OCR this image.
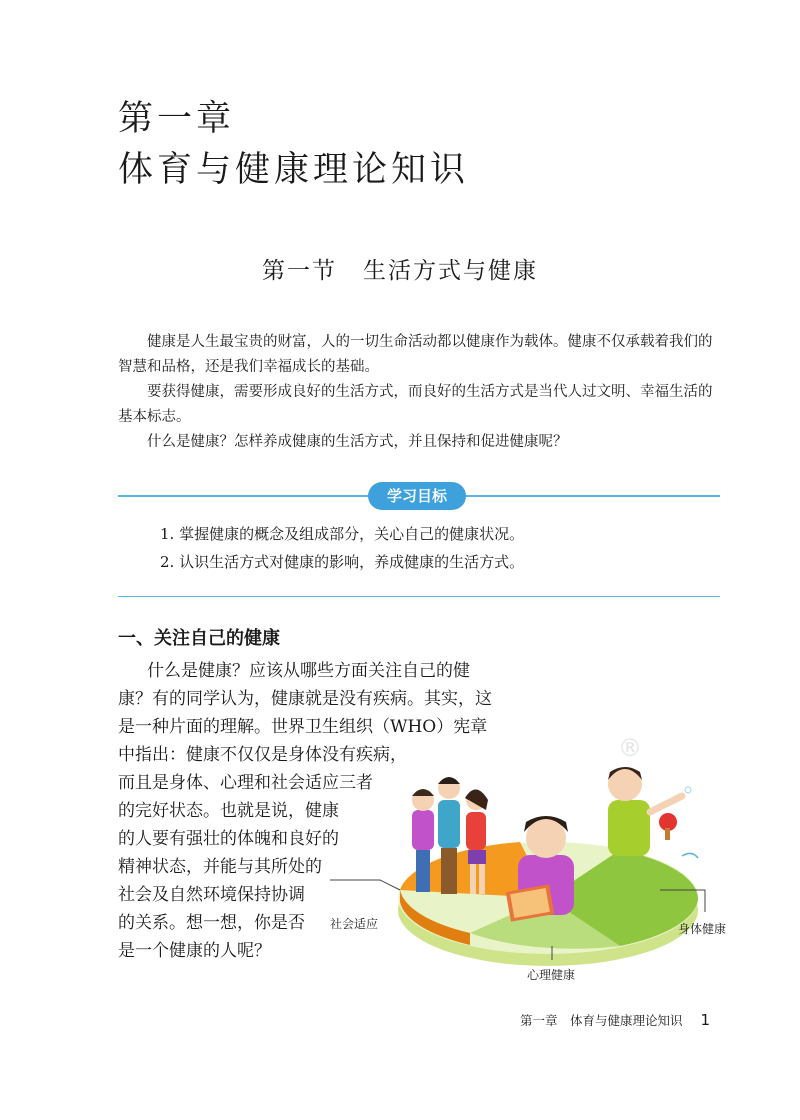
第一章
体育与健康理论知识
第一节 生活方式与健康

健康是人生最宝贵的财富，人的一切生命活动都以健康作为载体。健康不仅承载着我们的智慧和品格，还是我们幸福成长的基础。

要获得健康，需要形成良好的生活方式，而良好的生活方式是当代人过文明、幸福生活的基本标志。

什么是健康？怎样养成健康的生活方式，并且保持和促进健康呢？

学习目标
1. 掌握健康的概念及组成部分，关心自己的健康状况。
2. 认识生活方式对健康的影响，养成健康的生活方式。
一、关注自己的健康
什么是健康？应该从哪些方面关注自己的健
康？有的同学认为，健康就是没有疾病。其实，这
是一种片面的理解。世界卫生组织（WHO）宪章
中指出：健康不仅仅是身体没有疾病，
而且是身体、心理和社会适应三者
的完好状态。也就是说，健康
的人要有强壮的体魄和良好的
精神状态，并能与其所处的
社会及自然环境保持协调
的关系。想一想，你是否
是一个健康的人呢？
®
社会适应
心理健康
身体健康
第一章　体育与健康理论知识 1
